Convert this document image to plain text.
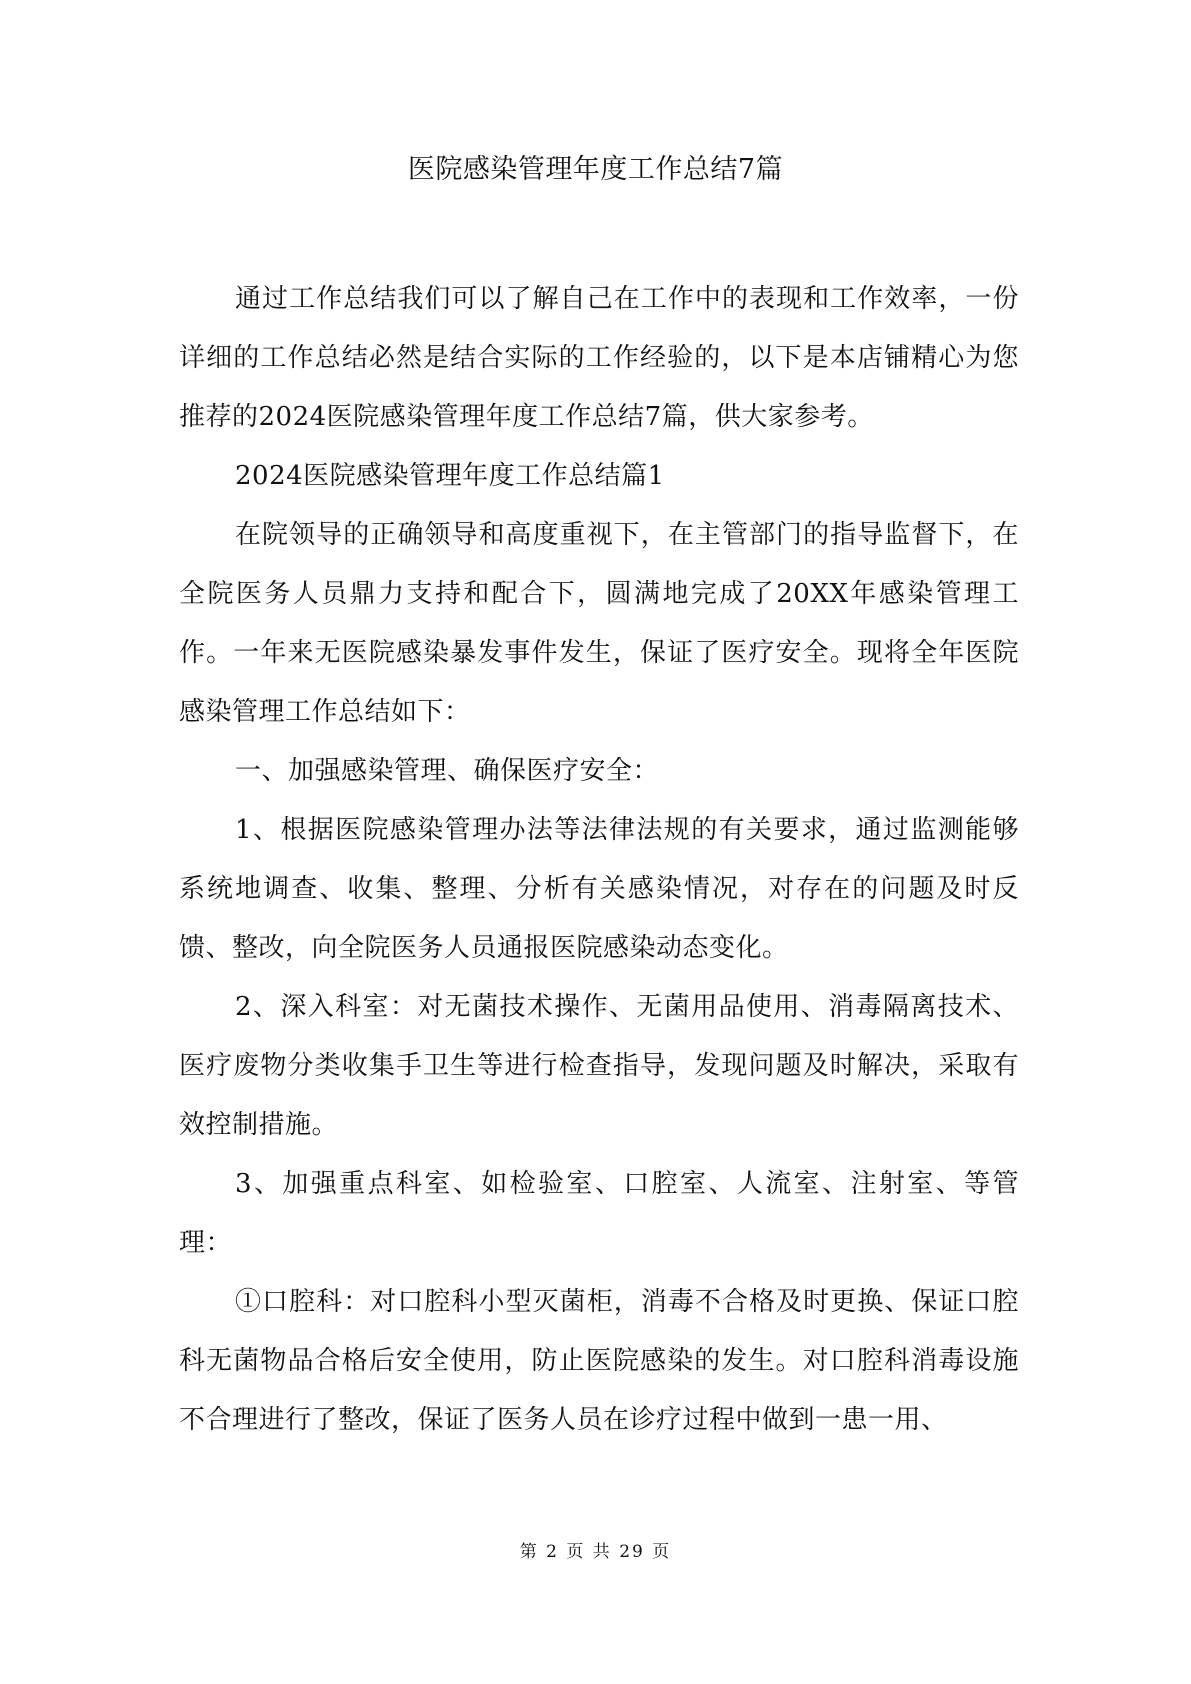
医院感染管理年度工作总结7篇

通过工作总结我们可以了解自己在工作中的表现和工作效率，一份详细的工作总结必然是结合实际的工作经验的，以下是本店铺精心为您推荐的2024医院感染管理年度工作总结7篇，供大家参考。

2024医院感染管理年度工作总结篇1

在院领导的正确领导和高度重视下，在主管部门的指导监督下，在全院医务人员鼎力支持和配合下，圆满地完成了20XX年感染管理工作。一年来无医院感染暴发事件发生，保证了医疗安全。现将全年医院感染管理工作总结如下：

一、加强感染管理、确保医疗安全：

1、根据医院感染管理办法等法律法规的有关要求，通过监测能够系统地调查、收集、整理、分析有关感染情况，对存在的问题及时反馈、整改，向全院医务人员通报医院感染动态变化。

2、深入科室：对无菌技术操作、无菌用品使用、消毒隔离技术、医疗废物分类收集手卫生等进行检查指导，发现问题及时解决，采取有效控制措施。

3、加强重点科室、如检验室、口腔室、人流室、注射室、等管理：

①口腔科：对口腔科小型灭菌柜，消毒不合格及时更换、保证口腔科无菌物品合格后安全使用，防止医院感染的发生。对口腔科消毒设施不合理进行了整改，保证了医务人员在诊疗过程中做到一患一用、

第 2 页 共 29 页
